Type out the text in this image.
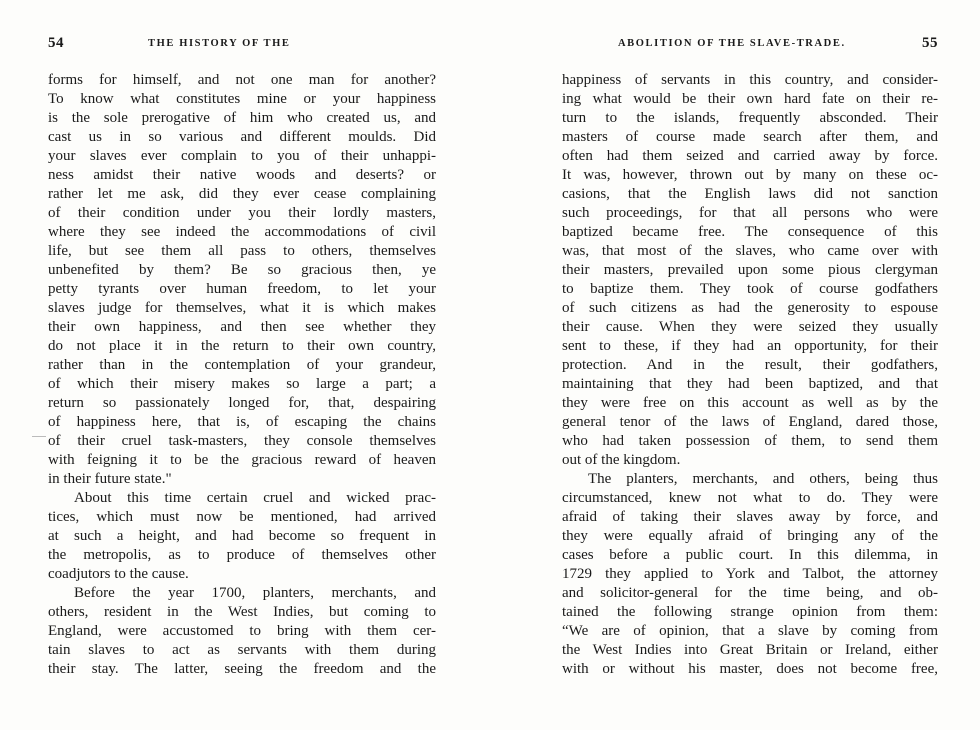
54	THE HISTORY OF THE
forms for himself, and not one man for another?
To know what constitutes mine or your happiness
is the sole prerogative of him who created us, and
cast us in so various and different moulds. Did
your slaves ever complain to you of their unhappi-
ness amidst their native woods and deserts? or
rather let me ask, did they ever cease complaining
of their condition under you their lordly masters,
where they see indeed the accommodations of civil
life, but see them all pass to others, themselves
unbenefited by them? Be so gracious then, ye
petty tyrants over human freedom, to let your
slaves judge for themselves, what it is which makes
their own happiness, and then see whether they
do not place it in the return to their own country,
rather than in the contemplation of your grandeur,
of which their misery makes so large a part; a
return so passionately longed for, that, despairing
of happiness here, that is, of escaping the chains
of their cruel task-masters, they console themselves
with feigning it to be the gracious reward of heaven
in their future state."
About this time certain cruel and wicked prac-
tices, which must now be mentioned, had arrived
at such a height, and had become so frequent in
the metropolis, as to produce of themselves other
coadjutors to the cause.
Before the year 1700, planters, merchants, and
others, resident in the West Indies, but coming to
England, were accustomed to bring with them cer-
tain slaves to act as servants with them during
their stay. The latter, seeing the freedom and the
ABOLITION OF THE SLAVE-TRADE.	55
happiness of servants in this country, and consider-
ing what would be their own hard fate on their re-
turn to the islands, frequently absconded. Their
masters of course made search after them, and
often had them seized and carried away by force.
It was, however, thrown out by many on these oc-
casions, that the English laws did not sanction
such proceedings, for that all persons who were
baptized became free. The consequence of this
was, that most of the slaves, who came over with
their masters, prevailed upon some pious clergyman
to baptize them. They took of course godfathers
of such citizens as had the generosity to espouse
their cause. When they were seized they usually
sent to these, if they had an opportunity, for their
protection. And in the result, their godfathers,
maintaining that they had been baptized, and that
they were free on this account as well as by the
general tenor of the laws of England, dared those,
who had taken possession of them, to send them
out of the kingdom.
The planters, merchants, and others, being thus
circumstanced, knew not what to do. They were
afraid of taking their slaves away by force, and
they were equally afraid of bringing any of the
cases before a public court. In this dilemma, in
1729 they applied to York and Talbot, the attorney
and solicitor-general for the time being, and ob-
tained the following strange opinion from them:
“We are of opinion, that a slave by coming from
the West Indies into Great Britain or Ireland, either
with or without his master, does not become free,
